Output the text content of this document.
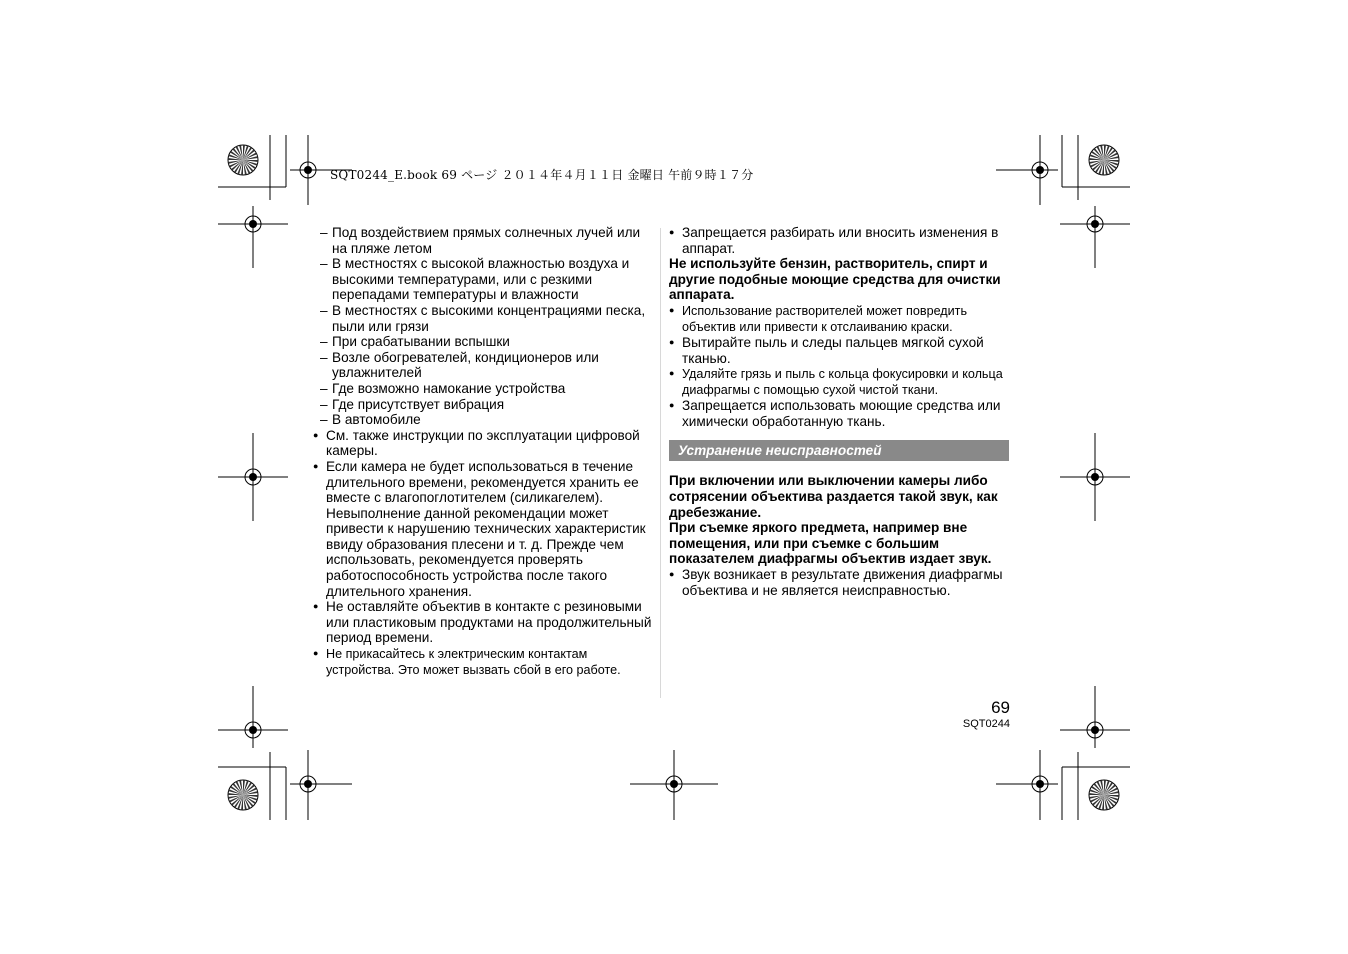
SQT0244_E.book 69 ページ ２０１４年４月１１日 金曜日 午前９時１７分
– Под воздействием прямых солнечных лучей или на пляже летом
– В местностях с высокой влажностью воздуха и высокими температурами, или с резкими перепадами температуры и влажности
– В местностях с высокими концентрациями песка, пыли или грязи
– При срабатывании вспышки
– Возле обогревателей, кондиционеров или увлажнителей
– Где возможно намокание устройства
– Где присутствует вибрация
– В автомобиле
● См. также инструкции по эксплуатации цифровой камеры.
● Если камера не будет использоваться в течение длительного времени, рекомендуется хранить ее вместе с влагопоглотителем (силикагелем). Невыполнение данной рекомендации может привести к нарушению технических характеристик ввиду образования плесени и т. д. Прежде чем использовать, рекомендуется проверять работоспособность устройства после такого длительного хранения.
● Не оставляйте объектив в контакте с резиновыми или пластиковым продуктами на продолжительный период времени.
● Не прикасайтесь к электрическим контактам устройства. Это может вызвать сбой в его работе.
● Запрещается разбирать или вносить изменения в аппарат.
Не используйте бензин, растворитель, спирт и другие подобные моющие средства для очистки аппарата.
● Использование растворителей может повредить объектив или привести к отслаиванию краски.
● Вытирайте пыль и следы пальцев мягкой сухой тканью.
● Удаляйте грязь и пыль с кольца фокусировки и кольца диафрагмы с помощью сухой чистой ткани.
● Запрещается использовать моющие средства или химически обработанную ткань.
Устранение неисправностей
При включении или выключении камеры либо сотрясении объектива раздается такой звук, как дребезжание.
При съемке яркого предмета, например вне помещения, или при съемке с большим показателем диафрагмы объектив издает звук.
● Звук возникает в результате движения диафрагмы объектива и не является неисправностью.
69
SQT0244
